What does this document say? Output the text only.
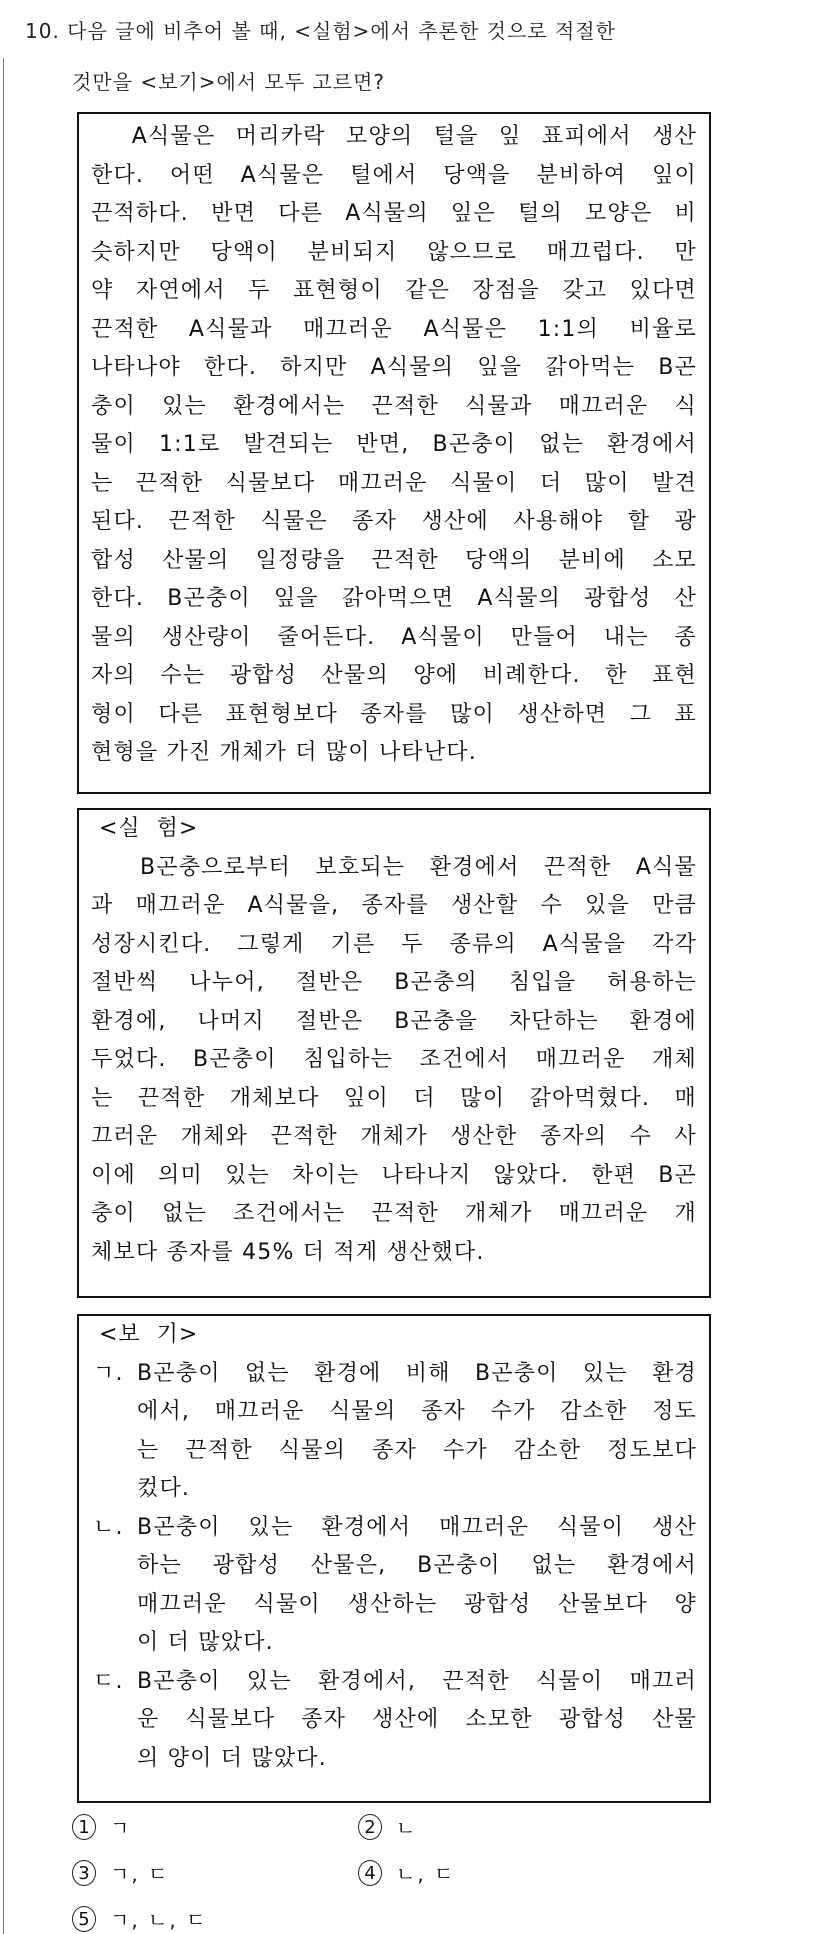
10. 다음 글에 비추어 볼 때, <실험>에서 추론한 것으로 적절한
것만을 <보기>에서 모두 고르면?
A식물은 머리카락 모양의 털을 잎 표피에서 생산
한다. 어떤 A식물은 털에서 당액을 분비하여 잎이
끈적하다. 반면 다른 A식물의 잎은 털의 모양은 비
슷하지만 당액이 분비되지 않으므로 매끄럽다. 만
약 자연에서 두 표현형이 같은 장점을 갖고 있다면
끈적한 A식물과 매끄러운 A식물은 1:1의 비율로
나타나야 한다. 하지만 A식물의 잎을 갉아먹는 B곤
충이 있는 환경에서는 끈적한 식물과 매끄러운 식
물이 1:1로 발견되는 반면, B곤충이 없는 환경에서
는 끈적한 식물보다 매끄러운 식물이 더 많이 발견
된다. 끈적한 식물은 종자 생산에 사용해야 할 광
합성 산물의 일정량을 끈적한 당액의 분비에 소모
한다. B곤충이 잎을 갉아먹으면 A식물의 광합성 산
물의 생산량이 줄어든다. A식물이 만들어 내는 종
자의 수는 광합성 산물의 양에 비례한다. 한 표현
형이 다른 표현형보다 종자를 많이 생산하면 그 표
현형을 가진 개체가 더 많이 나타난다.
<실  험>
B곤충으로부터 보호되는 환경에서 끈적한 A식물
과 매끄러운 A식물을, 종자를 생산할 수 있을 만큼
성장시킨다. 그렇게 기른 두 종류의 A식물을 각각
절반씩 나누어, 절반은 B곤충의 침입을 허용하는
환경에, 나머지 절반은 B곤충을 차단하는 환경에
두었다. B곤충이 침입하는 조건에서 매끄러운 개체
는 끈적한 개체보다 잎이 더 많이 갉아먹혔다. 매
끄러운 개체와 끈적한 개체가 생산한 종자의 수 사
이에 의미 있는 차이는 나타나지 않았다. 한편 B곤
충이 없는 조건에서는 끈적한 개체가 매끄러운 개
체보다 종자를 45% 더 적게 생산했다.
<보  기>
ㄱ. B곤충이 없는 환경에 비해 B곤충이 있는 환경
에서, 매끄러운 식물의 종자 수가 감소한 정도
는 끈적한 식물의 종자 수가 감소한 정도보다
컸다.
ㄴ. B곤충이 있는 환경에서 매끄러운 식물이 생산
하는 광합성 산물은, B곤충이 없는 환경에서
매끄러운 식물이 생산하는 광합성 산물보다 양
이 더 많았다.
ㄷ. B곤충이 있는 환경에서, 끈적한 식물이 매끄러
운 식물보다 종자 생산에 소모한 광합성 산물
의 양이 더 많았다.
1	ㄱ	2	ㄴ
3	ㄱ, ㄷ	4	ㄴ, ㄷ
5	ㄱ, ㄴ, ㄷ
